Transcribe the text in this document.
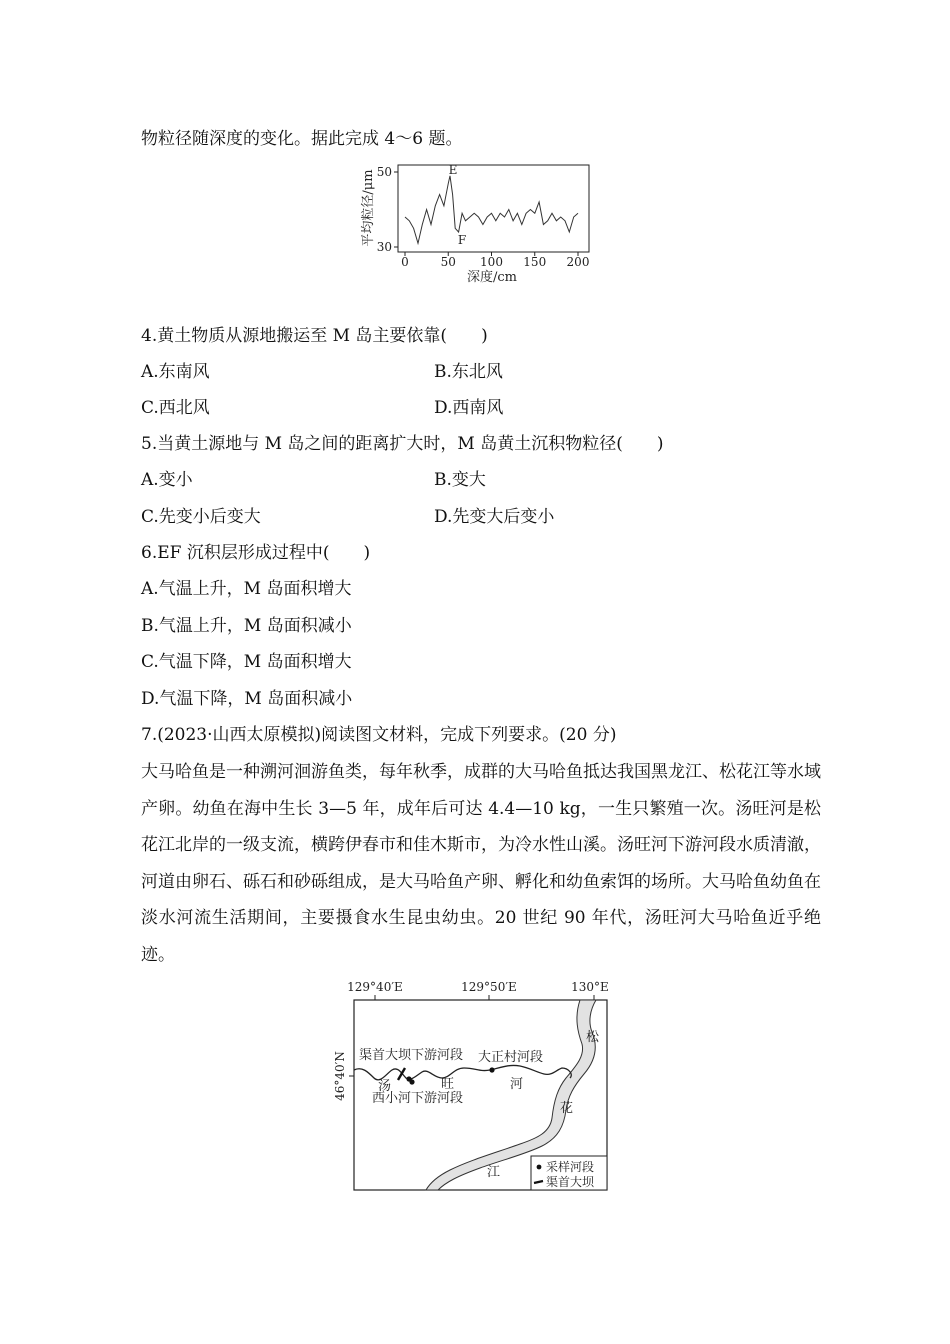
物粒径随深度的变化。据此完成 4～6 题。
50
30
平均粒径/μm
0	50 100 150 200
深度/cm
E
F
4.黄土物质从源地搬运至 M 岛主要依靠(　　)
A.东南风	B.东北风
C.西北风	D.西南风
5.当黄土源地与 M 岛之间的距离扩大时，M 岛黄土沉积物粒径(　　)
A.变小	B.变大
C.先变小后变大	D.先变大后变小
6.EF 沉积层形成过程中(　　)
A.气温上升，M 岛面积增大
B.气温上升，M 岛面积减小
C.气温下降，M 岛面积增大
D.气温下降，M 岛面积减小
7.(2023·山西太原模拟)阅读图文材料，完成下列要求。(20 分)
大马哈鱼是一种溯河洄游鱼类，每年秋季，成群的大马哈鱼抵达我国黑龙江、松花江等水域产卵。幼鱼在海中生长 3—5 年，成年后可达 4.4—10 kg，一生只繁殖一次。汤旺河是松花江北岸的一级支流，横跨伊春市和佳木斯市，为冷水性山溪。汤旺河下游河段水质清澈，河道由卵石、砾石和砂砾组成，是大马哈鱼产卵、孵化和幼鱼索饵的场所。大马哈鱼幼鱼在淡水河流生活期间，主要摄食水生昆虫幼虫。20 世纪 90 年代，汤旺河大马哈鱼近乎绝迹。
129°40′E	129°50′E	130°E
46°40′N 渠首大坝下游河段 大正村河段
西小河下游河段
汤	旺	河
松
花
江	采样河段
渠首大坝
